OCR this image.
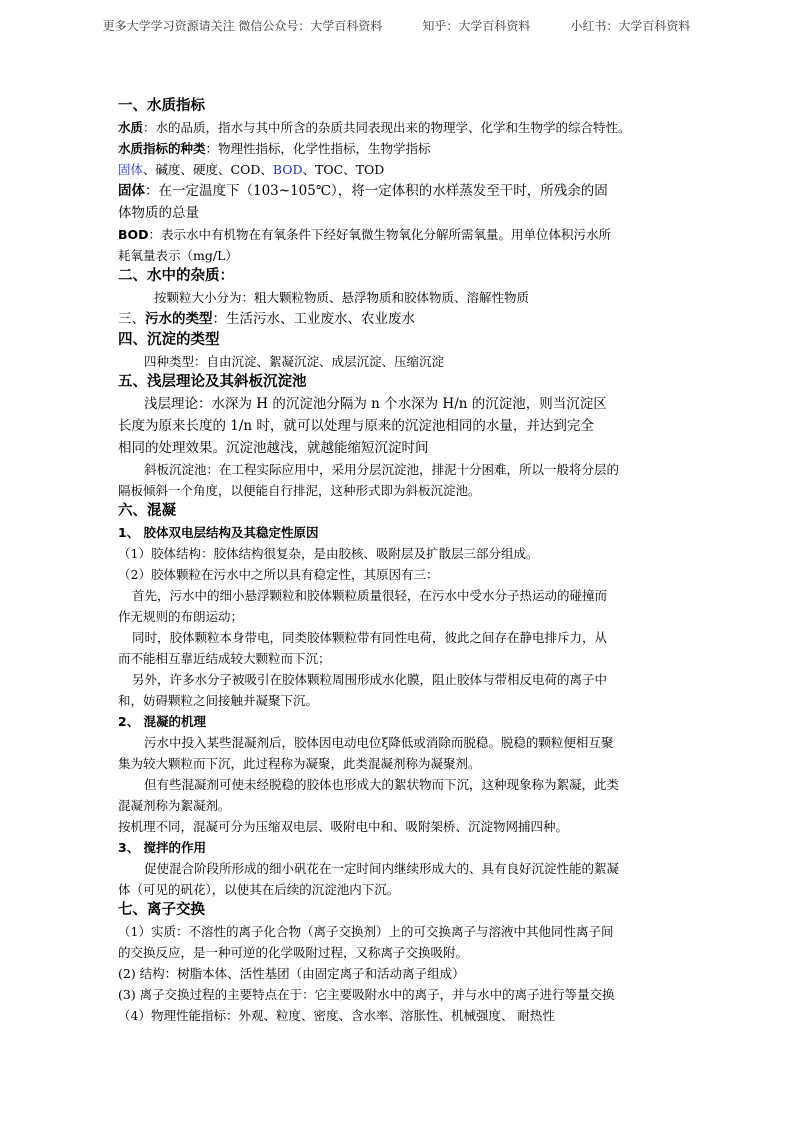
更多大学学习资源请关注 微信公众号：大学百科资料	知乎：大学百科资料	小红书：大学百科资料

一、水质指标

水质：水的品质，指水与其中所含的杂质共同表现出来的物理学、化学和生物学的综合特性。

水质指标的种类：物理性指标，化学性指标，生物学指标

固体、碱度、硬度、COD、BOD、TOC、TOD

固体：在一定温度下（103~105℃），将一定体积的水样蒸发至干时，所残余的固

体物质的总量

BOD：表示水中有机物在有氧条件下经好氧微生物氧化分解所需氧量。用单位体积污水所

耗氧量表示（mg/L）

二、水中的杂质：

按颗粒大小分为：粗大颗粒物质、悬浮物质和胶体物质、溶解性物质

三、污水的类型：生活污水、工业废水、农业废水

四、沉淀的类型

四种类型：自由沉淀、絮凝沉淀、成层沉淀、压缩沉淀

五、浅层理论及其斜板沉淀池

浅层理论：水深为 H 的沉淀池分隔为 n 个水深为 H/n 的沉淀池，则当沉淀区

长度为原来长度的 1/n 时，就可以处理与原来的沉淀池相同的水量，并达到完全

相同的处理效果。沉淀池越浅，就越能缩短沉淀时间

斜板沉淀池：在工程实际应用中，采用分层沉淀池，排泥十分困难，所以一般将分层的

隔板倾斜一个角度，以便能自行排泥，这种形式即为斜板沉淀池。

六、混凝

1、 胶体双电层结构及其稳定性原因

（1）胶体结构：胶体结构很复杂，是由胶核、吸附层及扩散层三部分组成。

（2）胶体颗粒在污水中之所以具有稳定性，其原因有三：

首先，污水中的细小悬浮颗粒和胶体颗粒质量很轻，在污水中受水分子热运动的碰撞而

作无规则的布朗运动；

同时，胶体颗粒本身带电，同类胶体颗粒带有同性电荷，彼此之间存在静电排斥力，从

而不能相互靠近结成较大颗粒而下沉；

另外，许多水分子被吸引在胶体颗粒周围形成水化膜，阻止胶体与带相反电荷的离子中

和，妨碍颗粒之间接触并凝聚下沉。

2、 混凝的机理

污水中投入某些混凝剂后，胶体因电动电位ξ降低或消除而脱稳。脱稳的颗粒便相互聚

集为较大颗粒而下沉，此过程称为凝聚，此类混凝剂称为凝聚剂。

但有些混凝剂可使未经脱稳的胶体也形成大的絮状物而下沉，这种现象称为絮凝，此类

混凝剂称为絮凝剂。

按机理不同，混凝可分为压缩双电层、吸附电中和、吸附架桥、沉淀物网捕四种。

3、 搅拌的作用

促使混合阶段所形成的细小矾花在一定时间内继续形成大的、具有良好沉淀性能的絮凝

体（可见的矾花），以使其在后续的沉淀池内下沉。

七、离子交换

（1）实质：不溶性的离子化合物（离子交换剂）上的可交换离子与溶液中其他同性离子间

的交换反应，是一种可逆的化学吸附过程，又称离子交换吸附。

(2) 结构：树脂本体、活性基团（由固定离子和活动离子组成）

(3) 离子交换过程的主要特点在于：它主要吸附水中的离子，并与水中的离子进行等量交换

（4）物理性能指标：外观、粒度、密度、含水率、溶胀性、机械强度、 耐热性
